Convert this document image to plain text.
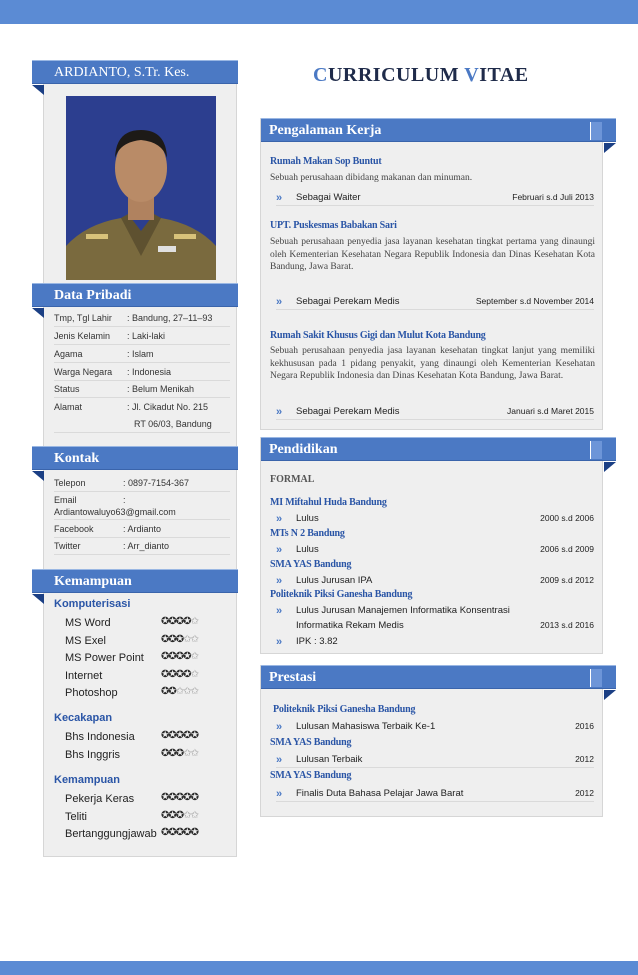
ARDIANTO, S.Tr. Kes.
Data Pribadi
Tmp, Tgl Lahir : Bandung, 27–11–93
Jenis Kelamin : Laki-laki
Agama	: Islam
Warga Negara : Indonesia
Status	: Belum Menikah
Alamat	: Jl. Cikadut No. 215
RT 06/03, Bandung
Kontak
Telepon	: 0897-7154-367
Email	:
Ardiantowaluyo63@gmail.com
Facebook	: Ardianto
Twitter	: Arr_dianto
Kemampuan
Komputerisasi
MS Word	✪✪✪✪✩
MS Exel	✪✪✪✩✩
MS Power Point ✪✪✪✪✩
Internet	✪✪✪✪✩
Photoshop	✪✪✩✩✩
Kecakapan
Bhs Indonesia	✪✪✪✪✪
Bhs Inggris	✪✪✪✩✩
Kemampuan
Pekerja Keras	✪✪✪✪✪
Teliti	✪✪✪✩✩
Bertanggungjawab ✪✪✪✪✪
CURRICULUM VITAE
Pengalaman Kerja
Rumah Makan Sop Buntut
Sebuah perusahaan dibidang makanan dan minuman.
» Sebagai Waiter	Februari s.d Juli 2013
UPT. Puskesmas Babakan Sari
Sebuah perusahaan penyedia jasa layanan kesehatan tingkat pertama yang dinaungi oleh Kementerian Kesehatan Negara Republik Indonesia dan Dinas Kesehatan Kota Bandung, Jawa Barat.
» Sebagai Perekam Medis	September s.d November 2014
Rumah Sakit Khusus Gigi dan Mulut Kota Bandung
Sebuah perusahaan penyedia jasa layanan kesehatan tingkat lanjut yang memiliki kekhususan pada 1 pidang penyakit, yang dinaungi oleh Kementerian Kesehatan Negara Republik Indonesia dan Dinas Kesehatan Kota Bandung, Jawa Barat.
» Sebagai Perekam Medis	Januari s.d Maret 2015
Pendidikan
FORMAL
MI Miftahul Huda Bandung
» Lulus	2000 s.d 2006
MTs N 2 Bandung
» Lulus	2006 s.d 2009
SMA YAS Bandung
» Lulus Jurusan IPA	2009 s.d 2012
Politeknik Piksi Ganesha Bandung
» Lulus Jurusan Manajemen Informatika Konsentrasi
Informatika Rekam Medis	2013 s.d 2016
» IPK : 3.82
Prestasi
Politeknik Piksi Ganesha Bandung
» Lulusan Mahasiswa Terbaik Ke-1	2016
SMA YAS Bandung
» Lulusan Terbaik	2012
SMA YAS Bandung
» Finalis Duta Bahasa Pelajar Jawa Barat	2012
